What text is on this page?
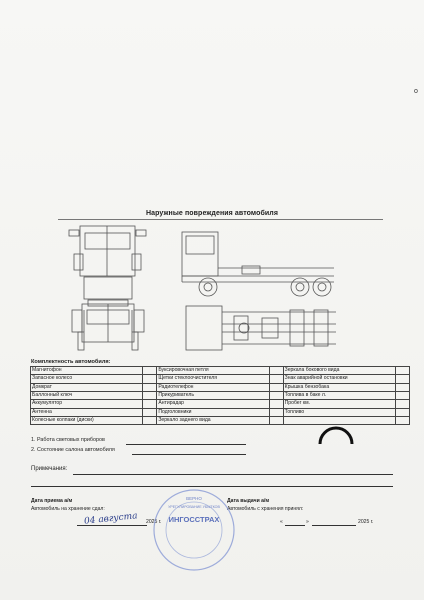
о
Наружные повреждения автомобиля
Комплектность автомобиля:
Магнитофон		Буксировочная петля		Зеркала бокового вида	
Запасное колесо		Щетки стеклоочистителя		Знак аварийной остановки	
Домкрат		Радиотелефон		Крышка бензобака	
Баллонный ключ		Прикуриватель		Топлива в баке л.	
Аккумулятор		Антирадар		Пробег км.	
Антенна		Подголовники		Топливо	
Колесные колпаки (диски)		Зеркало заднего вида			
1. Работа световых приборов
2. Состояние салона автомобиля
Примечания:
Дата приема а/м
Автомобиль на хранение сдал:
Дата выдачи а/м
Автомобиль с хранения принял:
04 августа 2025 г.	«	»	2025 г.
ВЕРНО
УРЕГУЛИРОВАНИЕ УБЫТКОВ
ИНГОССТРАХ
